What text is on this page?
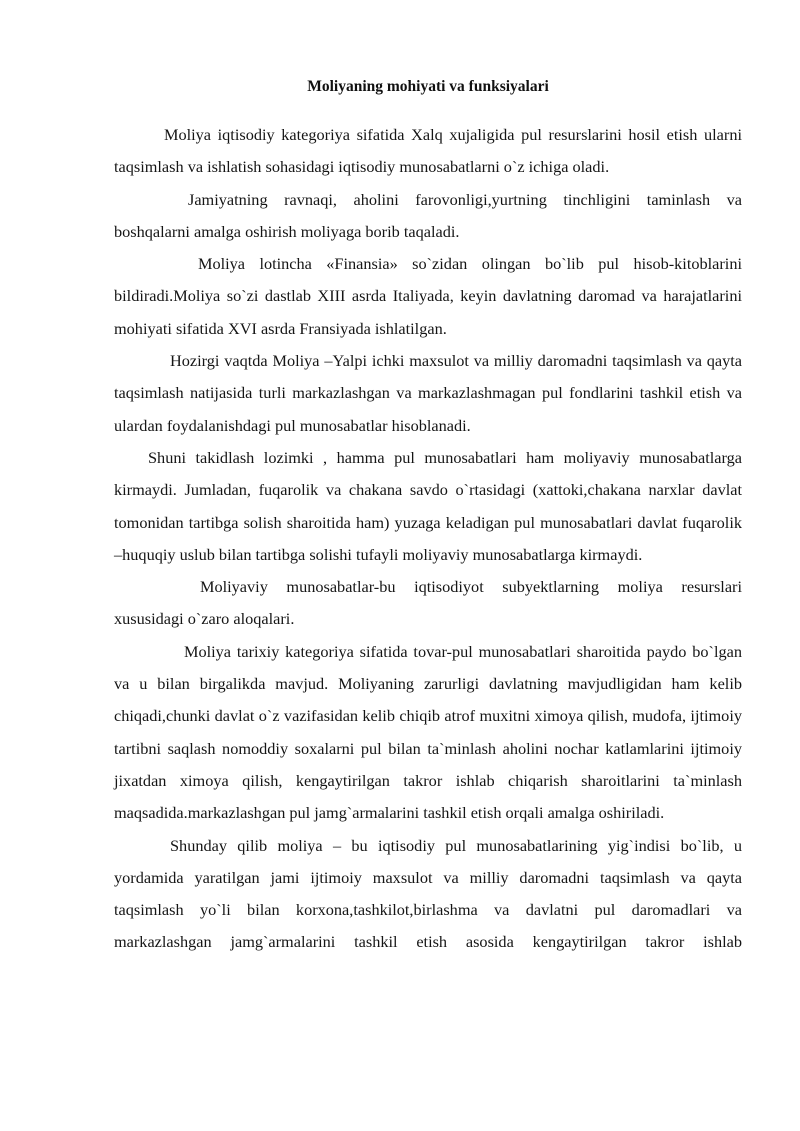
Moliyaning mohiyati va funksiyalari

Moliya iqtisodiy kategoriya sifatida Xalq xujaligida pul resurslarini hosil etish ularni taqsimlash va ishlatish sohasidagi iqtisodiy munosabatlarni o`z ichiga oladi.

Jamiyatning ravnaqi, aholini farovonligi,yurtning tinchligini taminlash va boshqalarni amalga oshirish moliyaga borib taqaladi.

Moliya lotincha «Finansia» so`zidan olingan bo`lib pul hisob-kitoblarini bildiradi.Moliya so`zi dastlab XIII asrda Italiyada, keyin davlatning daromad va harajatlarini mohiyati sifatida XVI asrda Fransiyada ishlatilgan.

Hozirgi vaqtda Moliya –Yalpi ichki maxsulot va milliy daromadni taqsimlash va qayta taqsimlash natijasida turli markazlashgan va markazlashmagan pul fondlarini tashkil etish va ulardan foydalanishdagi pul munosabatlar hisoblanadi.

Shuni takidlash lozimki , hamma pul munosabatlari ham moliyaviy munosabatlarga kirmaydi. Jumladan, fuqarolik va chakana savdo o`rtasidagi (xattoki,chakana narxlar davlat tomonidan tartibga solish sharoitida ham) yuzaga keladigan pul munosabatlari davlat fuqarolik –huquqiy uslub bilan tartibga solishi tufayli moliyaviy munosabatlarga kirmaydi.

Moliyaviy munosabatlar-bu iqtisodiyot subyektlarning moliya resurslari xususidagi o`zaro aloqalari.

Moliya tarixiy kategoriya sifatida tovar-pul munosabatlari sharoitida paydo bo`lgan va u bilan birgalikda mavjud. Moliyaning zarurligi davlatning mavjudligidan ham kelib chiqadi,chunki davlat o`z vazifasidan kelib chiqib atrof muxitni ximoya qilish, mudofa, ijtimoiy tartibni saqlash nomoddiy soxalarni pul bilan ta`minlash aholini nochar katlamlarini ijtimoiy jixatdan ximoya qilish, kengaytirilgan takror ishlab chiqarish sharoitlarini ta`minlash maqsadida.markazlashgan pul jamg`armalarini tashkil etish orqali amalga oshiriladi.

Shunday qilib moliya – bu iqtisodiy pul munosabatlarining yig`indisi bo`lib, u yordamida yaratilgan jami ijtimoiy maxsulot va milliy daromadni taqsimlash va qayta taqsimlash yo`li bilan korxona,tashkilot,birlashma va davlatni pul daromadlari va markazlashgan jamg`armalarini tashkil etish asosida kengaytirilgan takror ishlab
